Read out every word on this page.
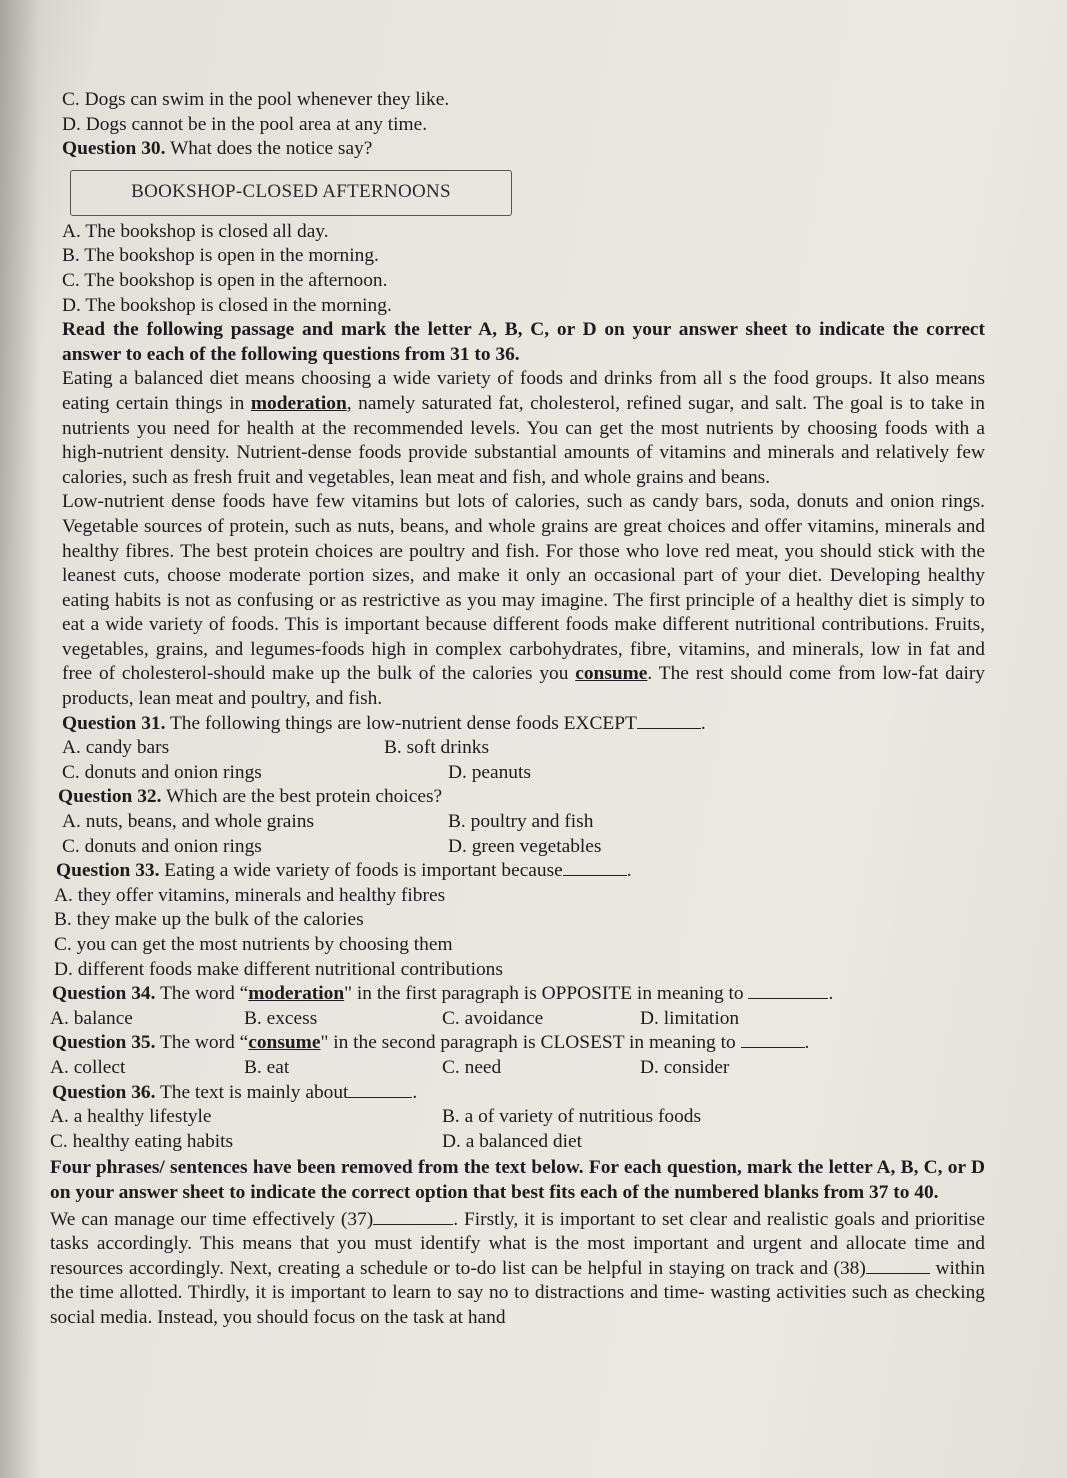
C. Dogs can swim in the pool whenever they like.
D. Dogs cannot be in the pool area at any time.
Question 30. What does the notice say?
BOOKSHOP-CLOSED AFTERNOONS
A. The bookshop is closed all day.
B. The bookshop is open in the morning.
C. The bookshop is open in the afternoon.
D. The bookshop is closed in the morning.
Read the following passage and mark the letter A, B, C, or D on your answer sheet to indicate the correct answer to each of the following questions from 31 to 36.
Eating a balanced diet means choosing a wide variety of foods and drinks from all s the food groups. It also means eating certain things in moderation, namely saturated fat, cholesterol, refined sugar, and salt. The goal is to take in nutrients you need for health at the recommended levels. You can get the most nutrients by choosing foods with a high-nutrient density. Nutrient-dense foods provide substantial amounts of vitamins and minerals and relatively few calories, such as fresh fruit and vegetables, lean meat and fish, and whole grains and beans.
Low-nutrient dense foods have few vitamins but lots of calories, such as candy bars, soda, donuts and onion rings. Vegetable sources of protein, such as nuts, beans, and whole grains are great choices and offer vitamins, minerals and healthy fibres. The best protein choices are poultry and fish. For those who love red meat, you should stick with the leanest cuts, choose moderate portion sizes, and make it only an occasional part of your diet. Developing healthy eating habits is not as confusing or as restrictive as you may imagine. The first principle of a healthy diet is simply to eat a wide variety of foods. This is important because different foods make different nutritional contributions. Fruits, vegetables, grains, and legumes-foods high in complex carbohydrates, fibre, vitamins, and minerals, low in fat and free of cholesterol-should make up the bulk of the calories you consume. The rest should come from low-fat dairy products, lean meat and poultry, and fish.
Question 31. The following things are low-nutrient dense foods EXCEPT	.
A. candy bars	B. soft drinks
C. donuts and onion rings	D. peanuts
Question 32. Which are the best protein choices?
A. nuts, beans, and whole grains	B. poultry and fish
C. donuts and onion rings	D. green vegetables
Question 33. Eating a wide variety of foods is important because	.
A. they offer vitamins, minerals and healthy fibres
B. they make up the bulk of the calories
C. you can get the most nutrients by choosing them
D. different foods make different nutritional contributions
Question 34. The word “moderation" in the first paragraph is OPPOSITE in meaning to	.
A. balance	B. excess	C. avoidance	D. limitation
Question 35. The word “consume" in the second paragraph is CLOSEST in meaning to	.
A. collect	B. eat	C. need	D. consider
Question 36. The text is mainly about	.
A. a healthy lifestyle	B. a of variety of nutritious foods
C. healthy eating habits	D. a balanced diet
Four phrases/ sentences have been removed from the text below. For each question, mark the letter A, B, C, or D on your answer sheet to indicate the correct option that best fits each of the numbered blanks from 37 to 40.
We can manage our time effectively (37)	. Firstly, it is important to set clear and realistic goals and prioritise tasks accordingly. This means that you must identify what is the most important and urgent and allocate time and resources accordingly. Next, creating a schedule or to-do list can be helpful in staying on track and (38)	within the time allotted. Thirdly, it is important to learn to say no to distractions and time- wasting activities such as checking social media. Instead, you should focus on the task at hand
